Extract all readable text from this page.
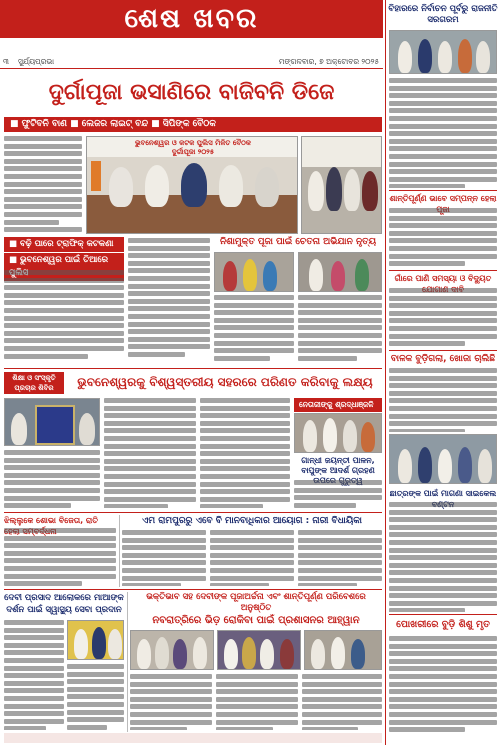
ଶେଷ ଖବର
୩ ସୁର୍ଯ୍ୟପ୍ରଭା	ମଙ୍ଗଳବାର, ୭ ଅକ୍ଟୋବର ୨୦୨୫
ଦୁର୍ଗାପୂଜା ଭସାଣିରେ ବାଜିବନି ଡିଜେ
■ ଫୁଟିବନି ବାଣ ■ ଲେଜର ଲାଇଟ୍ ବନ୍ଦ ■ ସିପିଙ୍କ ବୈଠକ
ଭୁବନେଶ୍ୱର ଓ କଟକ ପୁଲିସ ମିଳିତ ବୈଠକ
ଦୁର୍ଗାପୂଜା ୨୦୨୫
■ ବଢ଼ି ପାରେ ଟ୍ରାଫିକ୍ କଟକଣା
■ ଭୁବନେଶ୍ୱର ପାଇଁ ତିଆରେ
ନିଶାମୁକ୍ତ ପୂଜା ପାଇଁ ଚେତନା ଅଭିଯାନ ନୃତ୍ୟ
ଶିକ୍ଷା ଓ ସଂସ୍କୃତି ପ୍ରଚାର ଶିବିର	ଭୁବନେଶ୍ୱରକୁ ବିଶ୍ୱସ୍ତରୀୟ ସହରରେ ପରିଣତ କରିବାକୁ ଲକ୍ଷ୍ୟ
ନେତାଜୀଙ୍କୁ ଶ୍ରଦ୍ଧାଞ୍ଜଳି
ଗାନ୍ଧୀ ଜୟନ୍ତୀ ପାଳନ, ବାପୁଙ୍କ ଆଦର୍ଶ ଗ୍ରହଣ
ଝିଲ୍ଲୁକେ ଶୋଭା ବିଜେତା, ରାତି	ଏମ ରାମପୁରରୁ ଏବେ ବି ମାନବାଧିକାର ଆୟୋଗ : ନାରୀ ବିଧାୟିକା
ଦେବୀ ପ୍ରସାଦ ଆଲୋକରେ ମାଆଙ୍କ ଦର୍ଶନ ପାଇଁ ସ୍ୱାସ୍ଥ୍ୟ ସେବା ପ୍ରଦାନ
ଭକ୍ତିଭାବ ସହ ଦେବୀଙ୍କ ପୂଜାଅର୍ଚ୍ଚନା ଏବଂ ଶାନ୍ତିପୂର୍ଣ୍ଣ ପରିବେଶରେ ଅନୁଷ୍ଠିତ
ନବରାତ୍ରିରେ ଭିଡ଼ ରୋକିବା ପାଇଁ ପ୍ରଶାସନର ଆହ୍ୱାନ
ବିହାରରେ ନିର୍ବାଚନ ପୂର୍ବରୁ ରାଜନୀତି ସରଗରମ
ଶାନ୍ତିପୂର୍ଣ୍ଣ ଭାବେ ସମ୍ପନ୍ନ ହେଲା
ଗାଁରେ ପାଣି ସମସ୍ୟା ଓ ବିଦ୍ୟୁତ
ବାଳକ ବୁଡ଼ିଗଲା, ଖୋଜା ଚାଲିଛି
ଛାତ୍ରଙ୍କ ପାଇଁ ମାଗଣା ସାଇକେଲ
ପୋଖରୀରେ ବୁଡ଼ି ଶିଶୁ ମୃତ
